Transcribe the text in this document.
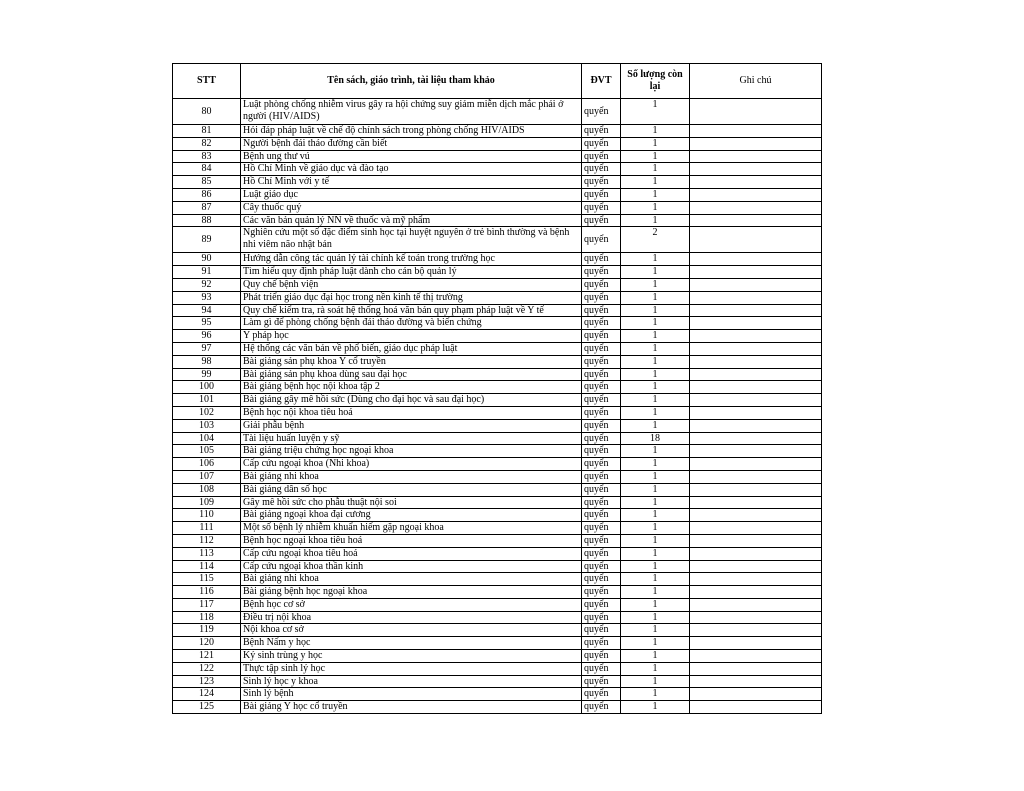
STT	Tên sách, giáo trình, tài liệu tham khảo	ĐVT	Số lượng còn lại	Ghi chú
80	Luật phòng chống nhiễm virus gây ra hội chứng suy giảm miễn dịch mắc phải ở người (HIV/AIDS)	quyển	1	
81	Hỏi đáp pháp luật về chế độ chính sách trong phòng chống HIV/AIDS	quyển	1	
82	Người bệnh đái tháo đường cần biết	quyển	1	
83	Bệnh ung thư vú	quyển	1	
84	Hồ Chí Minh về giáo dục và đào tạo	quyển	1	
85	Hồ Chí Minh với y tế	quyển	1	
86	Luật giáo dục	quyển	1	
87	Cây thuốc quý	quyển	1	
88	Các văn bản quản lý NN về thuốc và mỹ phẩm	quyển	1	
89	Nghiên cứu một số đặc điểm sinh học tại huyệt nguyên ở trẻ bình thường và bệnh nhi viêm não nhật bản	quyển	2	
90	Hướng dẫn công tác quản lý tài chính kế toán trong trường học	quyển	1	
91	Tìm hiểu quy định pháp luật dành cho cán bộ quản lý	quyển	1	
92	Quy chế bệnh viện	quyển	1	
93	Phát triển giáo dục đại học trong nền kinh tế thị trường	quyển	1	
94	Quy chế kiểm tra, rà soát hệ thống hoá văn bản quy phạm pháp luật về Y tế	quyển	1	
95	Làm gì để phòng chống bệnh đái tháo đường và biến chứng	quyển	1	
96	Y pháp học	quyển	1	
97	Hệ thống các văn bản về phổ biến, giáo dục pháp luật	quyển	1	
98	Bài giảng sản phụ khoa Y cổ truyền	quyển	1	
99	Bài giảng sản phụ khoa dùng sau đại học	quyển	1	
100	Bài giảng bệnh học nội khoa tập 2	quyển	1	
101	Bài giảng gây mê hồi sức (Dùng cho đại học và sau đại học)	quyển	1	
102	Bệnh học nội khoa tiêu hoá	quyển	1	
103	Giải phẫu bệnh	quyển	1	
104	Tài liệu huấn luyện y sỹ	quyển	18	
105	Bài giảng triệu chứng học ngoại khoa	quyển	1	
106	Cấp cứu ngoại khoa (Nhi khoa)	quyển	1	
107	Bài giảng nhi khoa	quyển	1	
108	Bài giảng dân số học	quyển	1	
109	Gây mê hồi sức cho phẫu thuật nội soi	quyển	1	
110	Bài giảng ngoại khoa đại cương	quyển	1	
111	Một số bệnh lý nhiễm khuẩn hiếm gặp ngoại khoa	quyển	1	
112	Bệnh học ngoại khoa tiêu hoá	quyển	1	
113	Cấp cứu ngoại khoa tiêu hoá	quyển	1	
114	Cấp cứu ngoại khoa thần kinh	quyển	1	
115	Bài giảng nhi khoa	quyển	1	
116	Bài giảng bệnh học ngoại khoa	quyển	1	
117	Bệnh học cơ sở	quyển	1	
118	Điều trị nội khoa	quyển	1	
119	Nội khoa cơ sở	quyển	1	
120	Bệnh Nấm y học	quyển	1	
121	Ký sinh trùng y học	quyển	1	
122	Thực tập sinh lý học	quyển	1	
123	Sinh lý học y khoa	quyển	1	
124	Sinh lý bệnh	quyển	1	
125	Bài giảng Y học cổ truyền	quyển	1	
